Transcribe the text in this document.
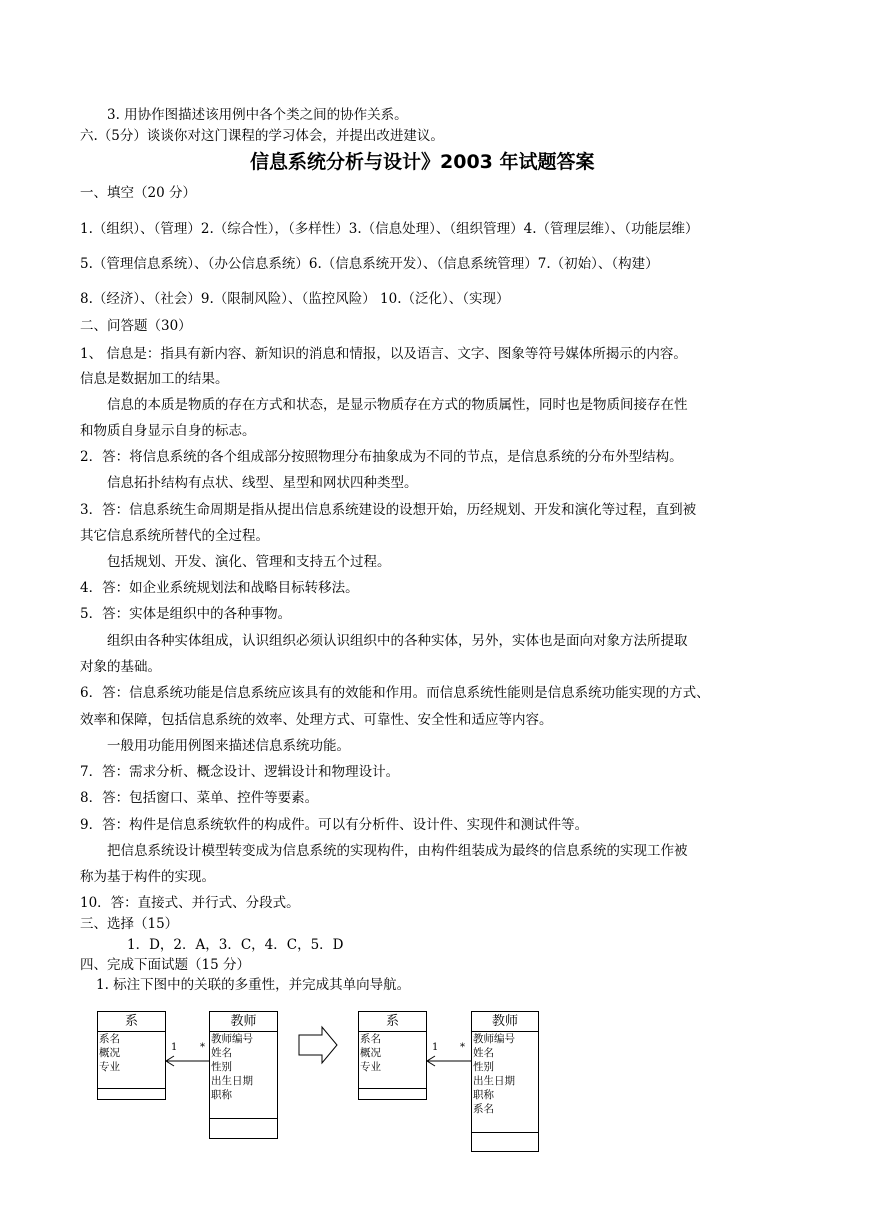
3. 用协作图描述该用例中各个类之间的协作关系。
六.（5分）谈谈你对这门课程的学习体会，并提出改进建议。
信息系统分析与设计》2003 年试题答案
一、填空（20 分）
1.（组织）、（管理）2.（综合性），（多样性）3.（信息处理）、（组织管理）4.（管理层维）、（功能层维）
5.（管理信息系统）、（办公信息系统）6.（信息系统开发）、（信息系统管理）7.（初始）、（构建）
8.（经济）、（社会）9.（限制风险）、（监控风险） 10.（泛化）、（实现）
二、问答题（30）
1、 信息是：指具有新内容、新知识的消息和情报，以及语言、文字、图象等符号媒体所揭示的内容。
信息是数据加工的结果。
信息的本质是物质的存在方式和状态，是显示物质存在方式的物质属性，同时也是物质间接存在性
和物质自身显示自身的标志。
2．答：将信息系统的各个组成部分按照物理分布抽象成为不同的节点，是信息系统的分布外型结构。
信息拓扑结构有点状、线型、星型和网状四种类型。
3．答：信息系统生命周期是指从提出信息系统建设的设想开始，历经规划、开发和演化等过程，直到被
其它信息系统所替代的全过程。
包括规划、开发、演化、管理和支持五个过程。
4．答：如企业系统规划法和战略目标转移法。
5．答：实体是组织中的各种事物。
组织由各种实体组成，认识组织必须认识组织中的各种实体，另外，实体也是面向对象方法所提取
对象的基础。
6．答：信息系统功能是信息系统应该具有的效能和作用。而信息系统性能则是信息系统功能实现的方式、
效率和保障，包括信息系统的效率、处理方式、可靠性、安全性和适应等内容。
一般用功能用例图来描述信息系统功能。
7．答：需求分析、概念设计、逻辑设计和物理设计。
8．答：包括窗口、菜单、控件等要素。
9．答：构件是信息系统软件的构成件。可以有分析件、设计件、实现件和测试件等。
把信息系统设计模型转变成为信息系统的实现构件，由构件组装成为最终的信息系统的实现工作被
称为基于构件的实现。
10．答：直接式、并行式、分段式。
三、选择（15）
1．D，2．A，3．C，4．C，5．D
四、完成下面试题（15 分）
1. 标注下图中的关联的多重性，并完成其单向导航。
系
系名
概况
专业
教师
教师编号
姓名
性别
出生日期
职称
1 *
系
系名
概况
专业
教师
教师编号
姓名
性别
出生日期
职称
系名
1 *
